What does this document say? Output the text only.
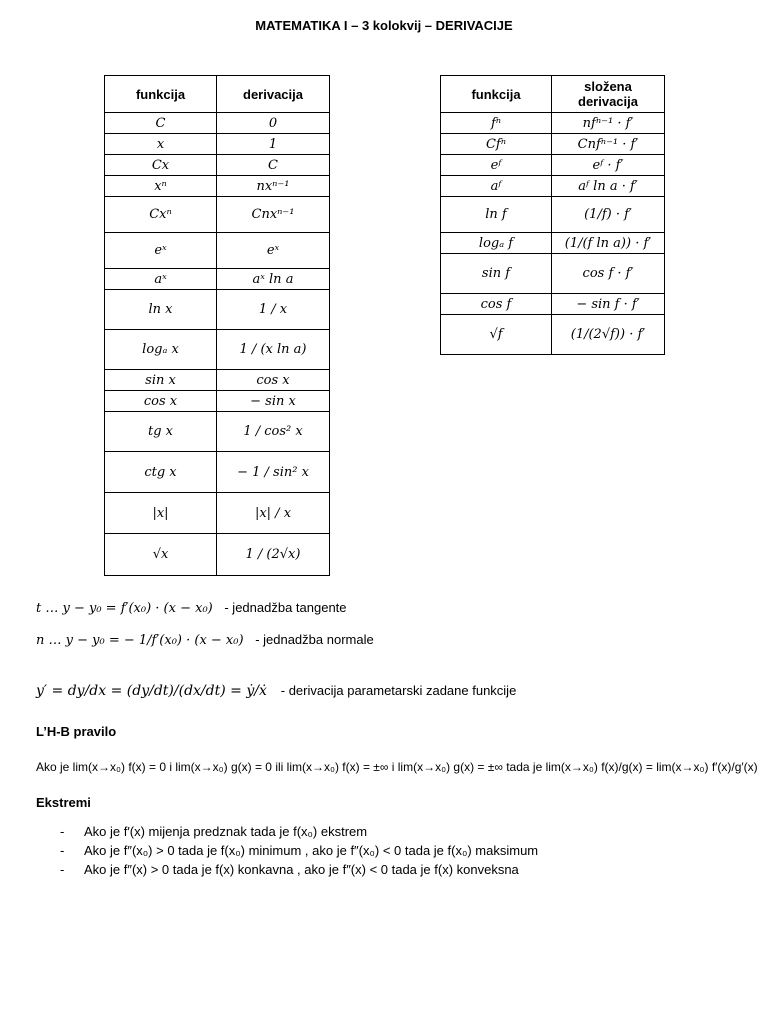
MATEMATIKA I – 3 kolokvij – DERIVACIJE
funkcija	derivacija
C	0
x	1
Cx	C
xⁿ	nxⁿ⁻¹
Cxⁿ	Cnxⁿ⁻¹
eˣ	eˣ
aˣ	aˣ ln a
ln x	1 / x
logₐ x	1 / (x ln a)
sin x	cos x
cos x	− sin x
tg x	1 / cos² x
ctg x	− 1 / sin² x
|x|	|x| / x
√x	1 / (2√x)
funkcija	složena derivacija
fⁿ	nfⁿ⁻¹ · f′
Cfⁿ	Cnfⁿ⁻¹ · f′
eᶠ	eᶠ · f′
aᶠ	aᶠ ln a · f′
ln f	(1/f) · f′
logₐ f	(1/(f ln a)) · f′
sin f	cos f · f′
cos f	− sin f · f′
√f	(1/(2√f)) · f′
t … y − y₀ = f′(x₀) · (x − x₀) - jednadžba tangente
n … y − y₀ = − 1/f′(x₀) · (x − x₀) - jednadžba normale
y′ = dy/dx = (dy/dt)/(dx/dt) = ẏ/ẋ - derivacija parametarski zadane funkcije
L’H-B pravilo
Ako je lim(x→x₀) f(x) = 0 i lim(x→x₀) g(x) = 0 ili lim(x→x₀) f(x) = ±∞ i lim(x→x₀) g(x) = ±∞ tada je lim(x→x₀) f(x)/g(x) = lim(x→x₀) f′(x)/g′(x)
Ekstremi
- Ako je f′(x) mijenja predznak tada je f(x₀) ekstrem
- Ako je f″(x₀) > 0 tada je f(x₀) minimum , ako je f″(x₀) < 0 tada je f(x₀) maksimum
- Ako je f″(x) > 0 tada je f(x) konkavna , ako je f″(x) < 0 tada je f(x) konveksna
